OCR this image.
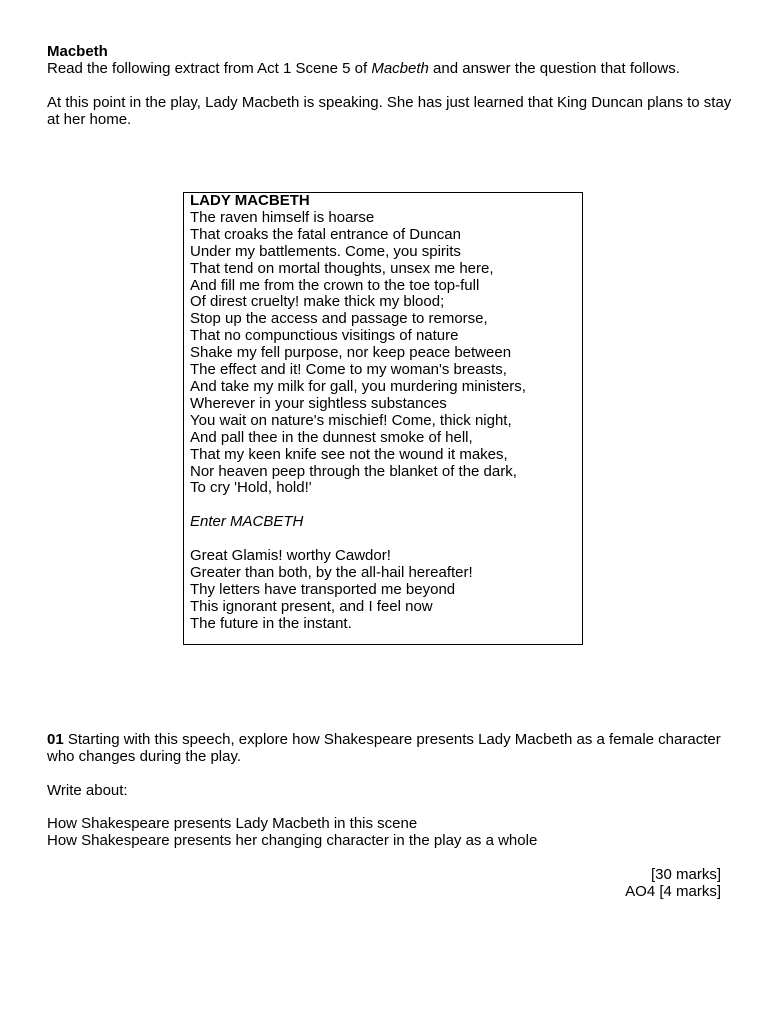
Macbeth
Read the following extract from Act 1 Scene 5 of Macbeth and answer the question that follows.
At this point in the play, Lady Macbeth is speaking. She has just learned that King Duncan plans to stay at her home.
LADY MACBETH
The raven himself is hoarse
That croaks the fatal entrance of Duncan
Under my battlements. Come, you spirits
That tend on mortal thoughts, unsex me here,
And fill me from the crown to the toe top-full
Of direst cruelty! make thick my blood;
Stop up the access and passage to remorse,
That no compunctious visitings of nature
Shake my fell purpose, nor keep peace between
The effect and it! Come to my woman's breasts,
And take my milk for gall, you murdering ministers,
Wherever in your sightless substances
You wait on nature's mischief! Come, thick night,
And pall thee in the dunnest smoke of hell,
That my keen knife see not the wound it makes,
Nor heaven peep through the blanket of the dark,
To cry 'Hold, hold!'
Enter MACBETH
Great Glamis! worthy Cawdor!
Greater than both, by the all-hail hereafter!
Thy letters have transported me beyond
This ignorant present, and I feel now
The future in the instant.
01 Starting with this speech, explore how Shakespeare presents Lady Macbeth as a female character who changes during the play.
Write about:
How Shakespeare presents Lady Macbeth in this scene
How Shakespeare presents her changing character in the play as a whole
[30 marks]
AO4 [4 marks]
